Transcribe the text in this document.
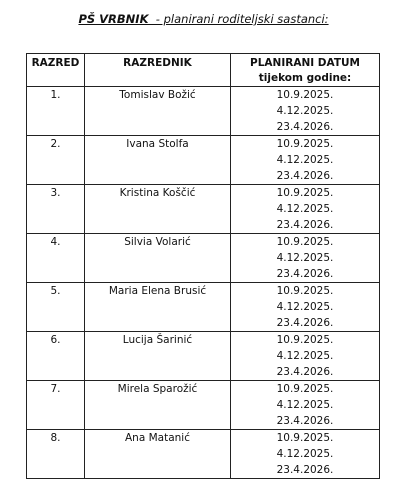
PŠ VRBNIK  - planirani roditeljski sastanci:
RAZRED	RAZREDNIK	PLANIRANI DATUM
tijekom godine:
1.	Tomislav Božić	10.9.2025.
4.12.2025.
23.4.2026.

2.	Ivana Stolfa	10.9.2025.
4.12.2025.
23.4.2026.

3.	Kristina Koščić	10.9.2025.
4.12.2025.
23.4.2026.

4.	Silvia Volarić	10.9.2025.
4.12.2025.
23.4.2026.

5.	Maria Elena Brusić	10.9.2025.
4.12.2025.
23.4.2026.

6.	Lucija Šarinić	10.9.2025.
4.12.2025.
23.4.2026.

7.	Mirela Sparožić	10.9.2025.
4.12.2025.
23.4.2026.

8.	Ana Matanić	10.9.2025.
4.12.2025.
23.4.2026.
